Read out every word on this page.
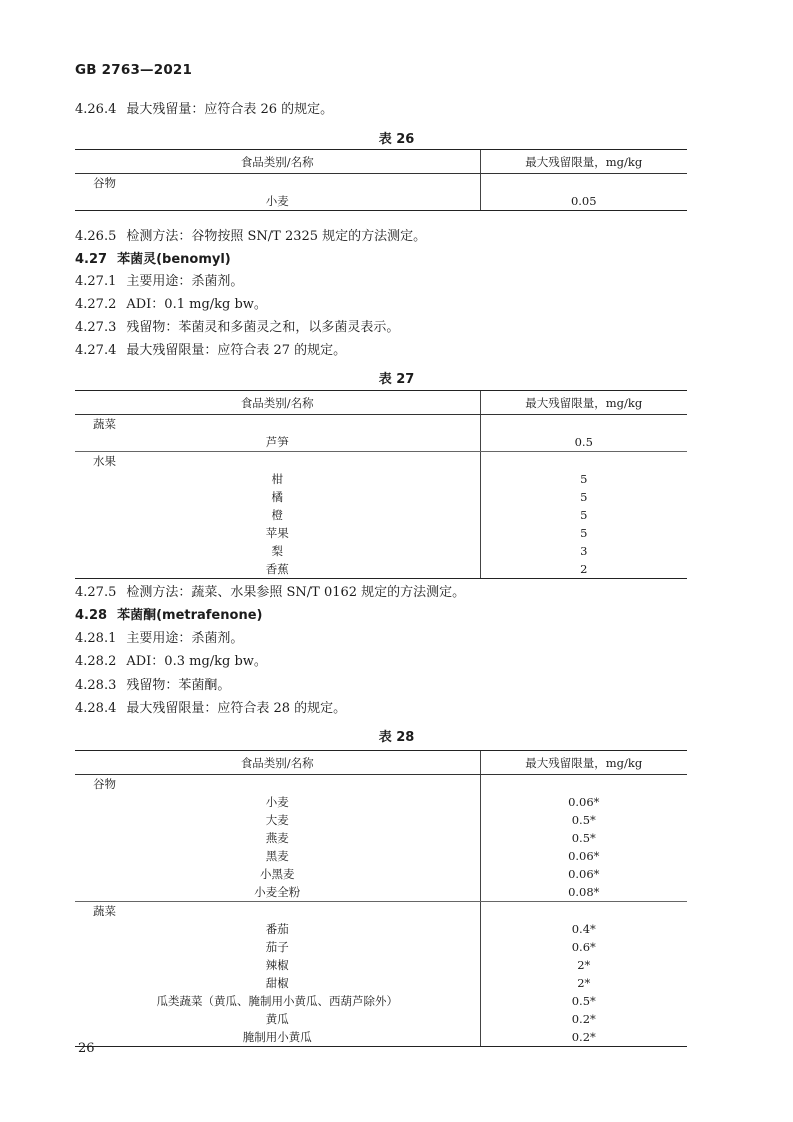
GB 2763—2021
4.26.4 最大残留量：应符合表 26 的规定。
表 26
食品类别/名称	最大残留限量，mg/kg
谷物	
小麦	0.05
4.26.5 检测方法：谷物按照 SN/T 2325 规定的方法测定。
4.27 苯菌灵(benomyl)
4.27.1 主要用途：杀菌剂。
4.27.2 ADI：0.1 mg/kg bw。
4.27.3 残留物：苯菌灵和多菌灵之和，以多菌灵表示。
4.27.4 最大残留限量：应符合表 27 的规定。
表 27
食品类别/名称	最大残留限量，mg/kg
蔬菜	
芦笋	0.5
水果	
柑	5
橘	5
橙	5
苹果	5
梨	3
香蕉	2
4.27.5 检测方法：蔬菜、水果参照 SN/T 0162 规定的方法测定。
4.28 苯菌酮(metrafenone)
4.28.1 主要用途：杀菌剂。
4.28.2 ADI：0.3 mg/kg bw。
4.28.3 残留物：苯菌酮。
4.28.4 最大残留限量：应符合表 28 的规定。
表 28
食品类别/名称	最大残留限量，mg/kg
谷物	
小麦	0.06*
大麦	0.5*
燕麦	0.5*
黑麦	0.06*
小黑麦	0.06*
小麦全粉	0.08*
蔬菜	
番茄	0.4*
茄子	0.6*
辣椒	2*
甜椒	2*
瓜类蔬菜（黄瓜、腌制用小黄瓜、西葫芦除外）	0.5*
黄瓜	0.2*
腌制用小黄瓜	0.2*
26
